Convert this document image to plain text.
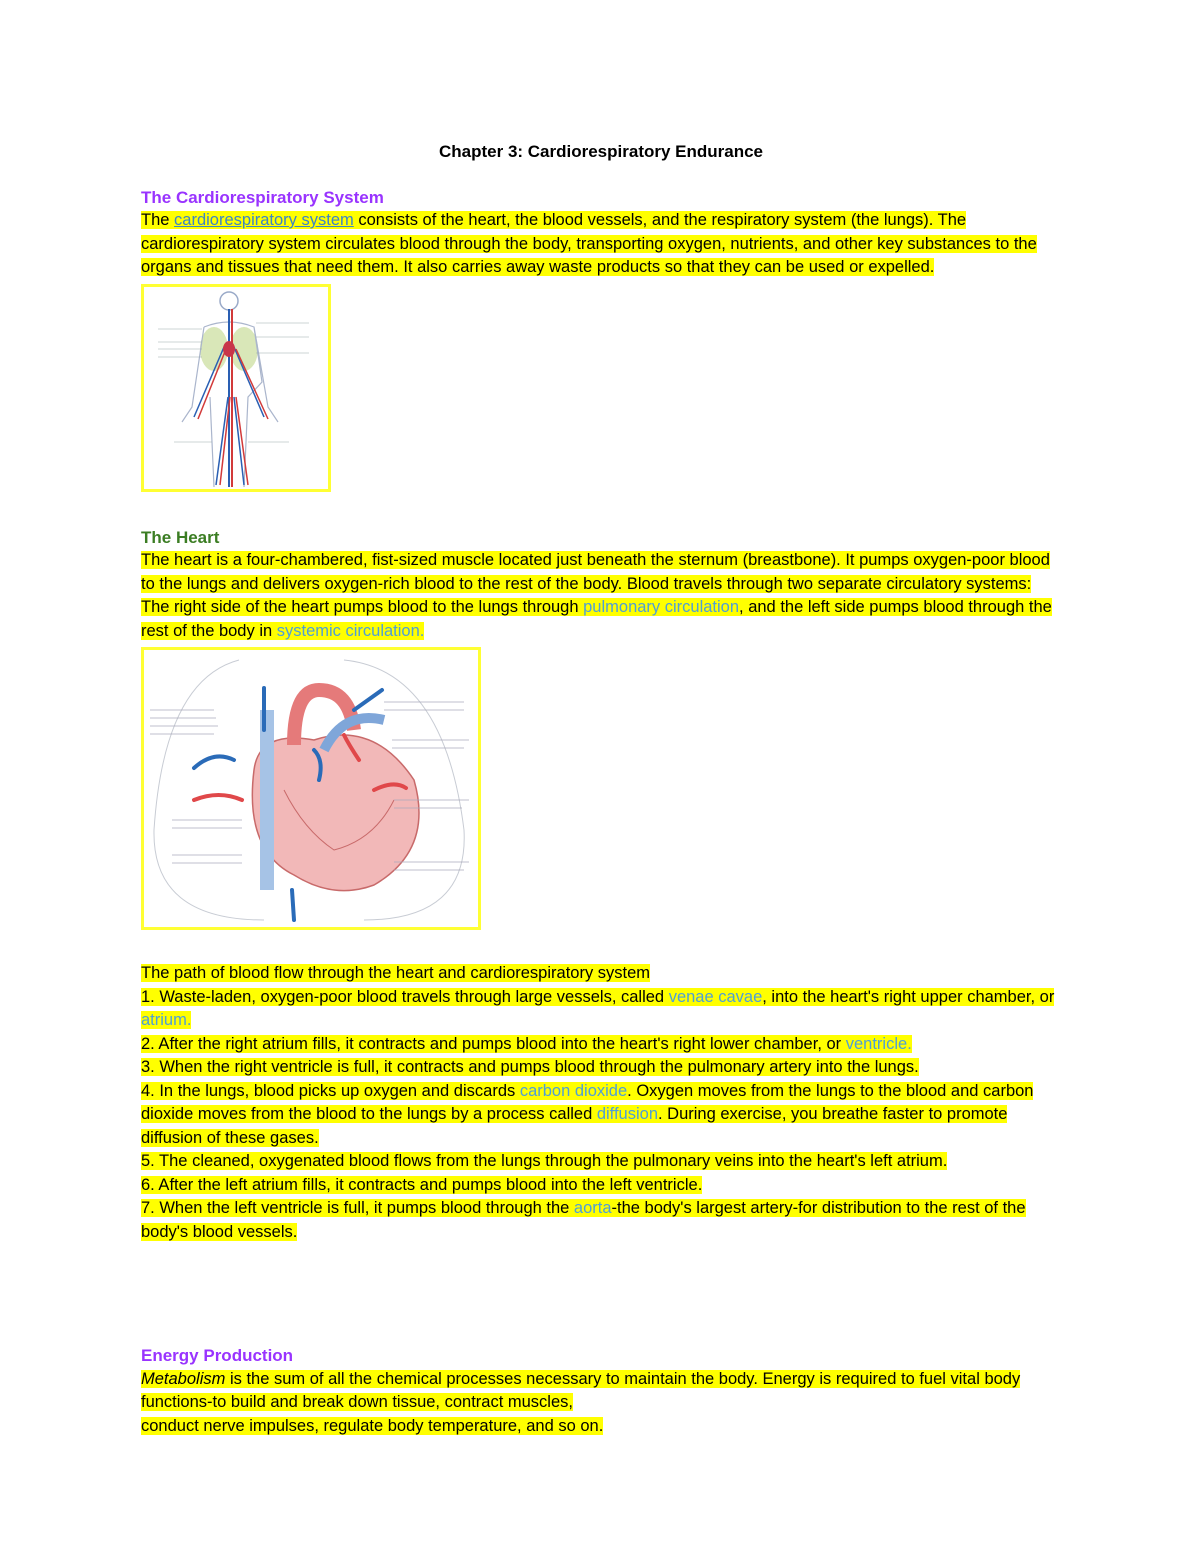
Chapter 3: Cardiorespiratory Endurance

The Cardiorespiratory System

The cardiorespiratory system consists of the heart, the blood vessels, and the respiratory system (the lungs). The cardiorespiratory system circulates blood through the body, transporting oxygen, nutrients, and other key substances to the organs and tissues that need them. It also carries away waste products so that they can be used or expelled.

The Heart

The heart is a four-chambered, fist-sized muscle located just beneath the sternum (breastbone). It pumps oxygen-poor blood to the lungs and delivers oxygen-rich blood to the rest of the body. Blood travels through two separate circulatory systems: The right side of the heart pumps blood to the lungs through pulmonary circulation, and the left side pumps blood through the rest of the body in systemic circulation.

The path of blood flow through the heart and cardiorespiratory system

1. Waste-laden, oxygen-poor blood travels through large vessels, called venae cavae, into the heart's right upper chamber, or atrium.

2. After the right atrium fills, it contracts and pumps blood into the heart's right lower chamber, or ventricle.

3. When the right ventricle is full, it contracts and pumps blood through the pulmonary artery into the lungs.

4. In the lungs, blood picks up oxygen and discards carbon dioxide. Oxygen moves from the lungs to the blood and carbon dioxide moves from the blood to the lungs by a process called diffusion. During exercise, you breathe faster to promote diffusion of these gases.

5. The cleaned, oxygenated blood flows from the lungs through the pulmonary veins into the heart's left atrium.

6. After the left atrium fills, it contracts and pumps blood into the left ventricle.

7. When the left ventricle is full, it pumps blood through the aorta-the body's largest artery-for distribution to the rest of the body's blood vessels.

Energy Production

Metabolism is the sum of all the chemical processes necessary to maintain the body. Energy is required to fuel vital body functions-to build and break down tissue, contract muscles,

conduct nerve impulses, regulate body temperature, and so on.
